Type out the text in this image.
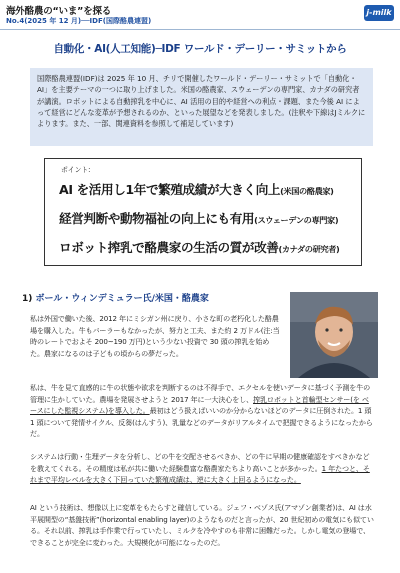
海外酪農の“いま”を探る
No.4(2025 年 12 月)──IDF(国際酪農連盟)
j-milk
自動化・AI(人工知能)─IDF ワールド・デーリー・サミットから
国際酪農連盟(IDF)は 2025 年 10 月、チリで開催したワールド・デーリー・サミットで「自動化・AI」を主要テーマの一つに取り上げました。米国の酪農家、スウェーデンの専門家、カナダの研究者が講演。ロボットによる自動搾乳を中心に、AI 活用の目的や経営への利点・課題、また今後 AI によって経営にどんな変革が予想されるのか、といった展望などを発表しました。(注釈や下線はJミルクによります。また、一部、関連資料を参照して補足しています)
ポイント:
AI を活用し1年で繁殖成績が大きく向上(米国の酪農家)
経営判断や動物福祉の向上にも有用(スウェーデンの専門家)
ロボット搾乳で酪農家の生活の質が改善(カナダの研究者)
1) ボール・ウィンデミュラー氏/米国・酪農家
私は外国で働いた後、2012 年にミシガン州に戻り、小さな町の老朽化した酪農場を購入した。牛もバーラーもなかったが、努力と工夫、また約 2 万ドル(注:当時のレートでおよそ 200~190 万円)という少ない投資で 30 頭の搾乳を始めた。農家になるのは子どもの頃からの夢だった。
私は、牛を見て直感的に牛の状態や欲求を判断するのは不得手で、エクセルを使いデータに基づく予測を牛の管理に生かしていた。農場を発展させようと 2017 年に一大決心をし、搾乳ロボットと首輪型センサー(を ベースにした監視システム)を導入した。最初はどう扱えばいいのか分からないほどのデータに圧倒された。1 頭 1 頭について発情サイクル、反芻(はんすう)、乳量などのデータがリアルタイムで把握できるようになったからだ。
システムは行動・生理データを分析し、どの牛を交配させるべきか、どの牛に早期の健康確認をすべきかなどを教えてくれる。その精度は私が共に働いた経験豊富な酪農家たちより高いことが多かった。1 年たつと、それまで平均レベルを大きく下回っていた繁殖成績は、逆に大きく上回るようになった。
AI という技術は、想像以上に変革をもたらすと確信している。ジェフ・ベゾス氏(アマゾン創業者)は、AI は水平展開型の“基盤技術”(horizontal enabling layer)のようなものだと言ったが、20 世紀初めの電気にも似ている。それ以前、搾乳は手作業で行っていたし、ミルクを冷やすのも非常に困難だった。しかし電気の登場で、できることが完全に変わった。大規模化が可能になったのだ。
